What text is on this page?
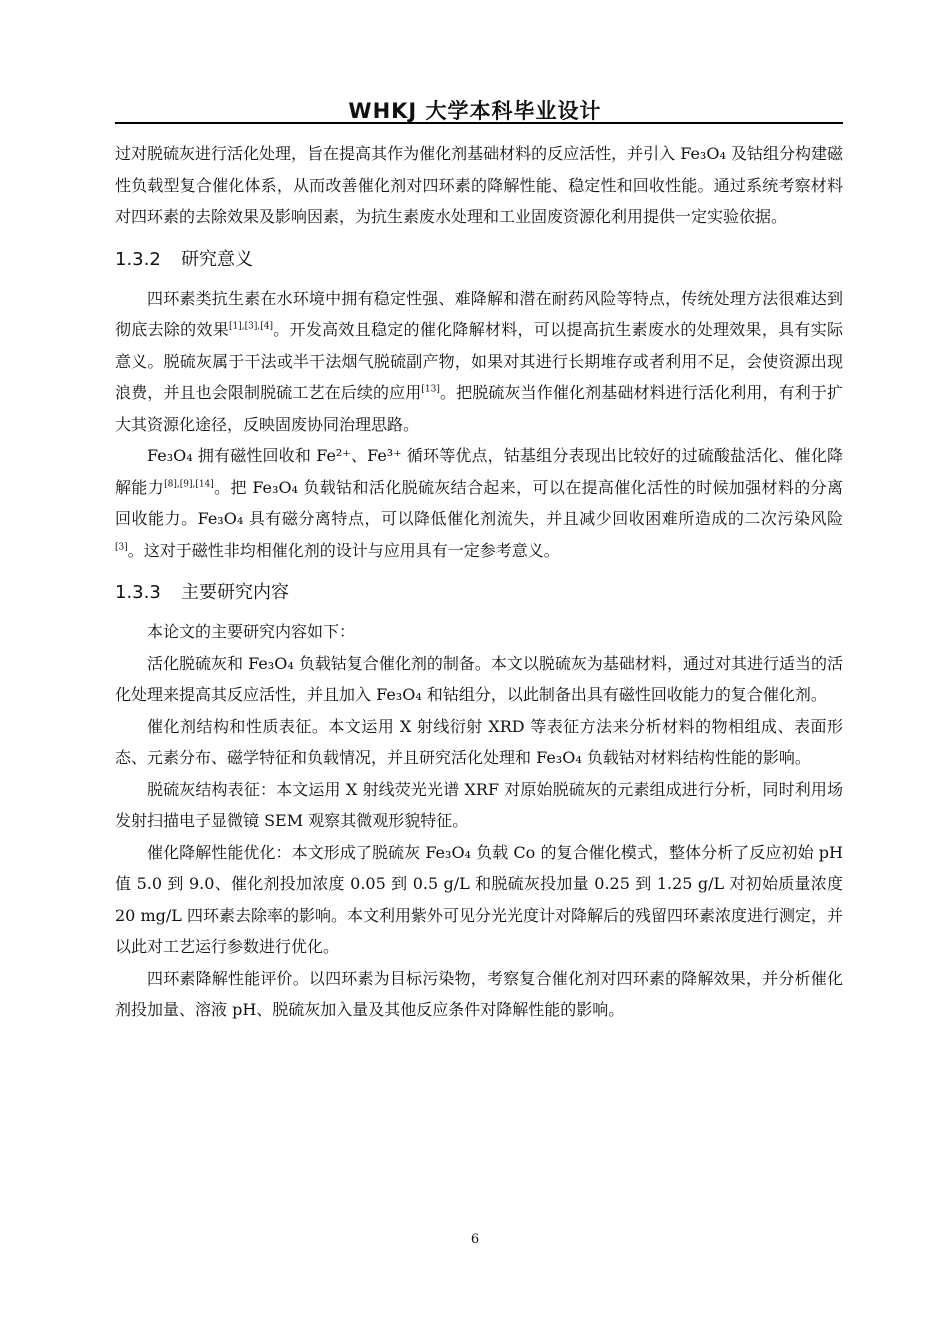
WHKJ 大学本科毕业设计

过对脱硫灰进行活化处理，旨在提高其作为催化剂基础材料的反应活性，并引入 Fe₃O₄ 及钴组分构建磁性负载型复合催化体系，从而改善催化剂对四环素的降解性能、稳定性和回收性能。通过系统考察材料对四环素的去除效果及影响因素，为抗生素废水处理和工业固废资源化利用提供一定实验依据。

1.3.2 研究意义

四环素类抗生素在水环境中拥有稳定性强、难降解和潜在耐药风险等特点，传统处理方法很难达到彻底去除的效果[1],[3],[4]。开发高效且稳定的催化降解材料，可以提高抗生素废水的处理效果，具有实际意义。脱硫灰属于干法或半干法烟气脱硫副产物，如果对其进行长期堆存或者利用不足，会使资源出现浪费，并且也会限制脱硫工艺在后续的应用[13]。把脱硫灰当作催化剂基础材料进行活化利用，有利于扩大其资源化途径，反映固废协同治理思路。

Fe₃O₄ 拥有磁性回收和 Fe²⁺、Fe³⁺ 循环等优点，钴基组分表现出比较好的过硫酸盐活化、催化降解能力[8],[9],[14]。把 Fe₃O₄ 负载钴和活化脱硫灰结合起来，可以在提高催化活性的时候加强材料的分离回收能力。Fe₃O₄ 具有磁分离特点，可以降低催化剂流失，并且减少回收困难所造成的二次污染风险[3]。这对于磁性非均相催化剂的设计与应用具有一定参考意义。

1.3.3 主要研究内容

本论文的主要研究内容如下：

活化脱硫灰和 Fe₃O₄ 负载钴复合催化剂的制备。本文以脱硫灰为基础材料，通过对其进行适当的活化处理来提高其反应活性，并且加入 Fe₃O₄ 和钴组分，以此制备出具有磁性回收能力的复合催化剂。

催化剂结构和性质表征。本文运用 X 射线衍射 XRD 等表征方法来分析材料的物相组成、表面形态、元素分布、磁学特征和负载情况，并且研究活化处理和 Fe₃O₄ 负载钴对材料结构性能的影响。

脱硫灰结构表征：本文运用 X 射线荧光光谱 XRF 对原始脱硫灰的元素组成进行分析，同时利用场发射扫描电子显微镜 SEM 观察其微观形貌特征。

催化降解性能优化：本文形成了脱硫灰 Fe₃O₄ 负载 Co 的复合催化模式，整体分析了反应初始 pH 值 5.0 到 9.0、催化剂投加浓度 0.05 到 0.5 g/L 和脱硫灰投加量 0.25 到 1.25 g/L 对初始质量浓度 20 mg/L 四环素去除率的影响。本文利用紫外可见分光光度计对降解后的残留四环素浓度进行测定，并以此对工艺运行参数进行优化。

四环素降解性能评价。以四环素为目标污染物，考察复合催化剂对四环素的降解效果，并分析催化剂投加量、溶液 pH、脱硫灰加入量及其他反应条件对降解性能的影响。

6
